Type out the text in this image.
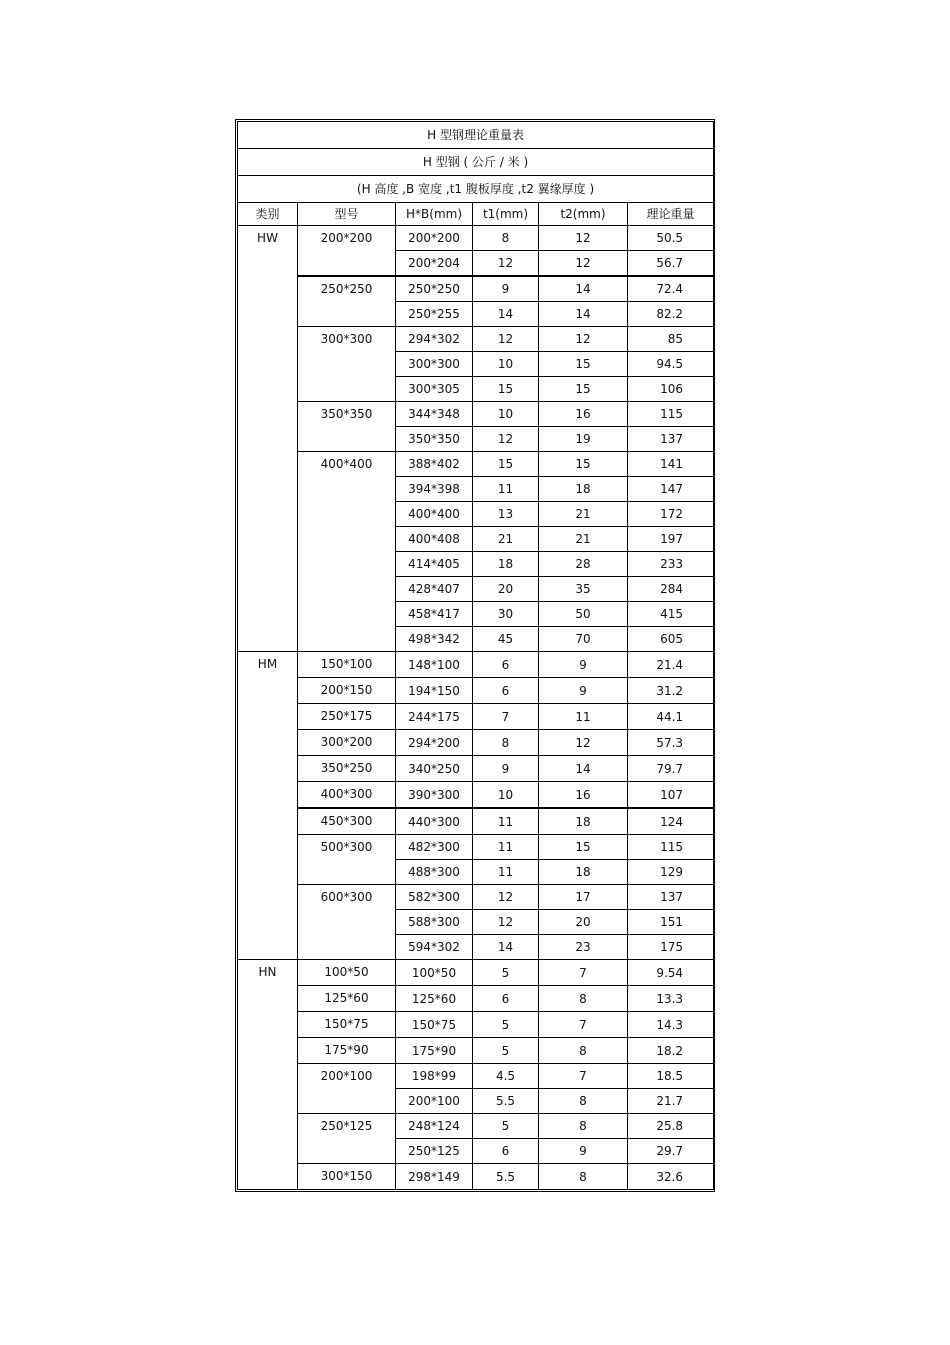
H 型钢理论重量表					
H 型钢 ( 公斤 / 米 )					
(H 高度 ,B 宽度 ,t1 腹板厚度 ,t2 翼缘厚度 )					
类别	型号	H*B(mm)	t1(mm)	t2(mm)	理论重量
HW	200*200	200*200	8	12	50.5
		200*204	12	12	56.7
	250*250	250*250	9	14	72.4
		250*255	14	14	82.2
	300*300	294*302	12	12	85
		300*300	10	15	94.5
		300*305	15	15	106
	350*350	344*348	10	16	115
		350*350	12	19	137
	400*400	388*402	15	15	141
		394*398	11	18	147
		400*400	13	21	172
		400*408	21	21	197
		414*405	18	28	233
		428*407	20	35	284
		458*417	30	50	415
		498*342	45	70	605
HM	150*100	148*100	6	9	21.4
	200*150	194*150	6	9	31.2
	250*175	244*175	7	11	44.1
	300*200	294*200	8	12	57.3
	350*250	340*250	9	14	79.7
	400*300	390*300	10	16	107
	450*300	440*300	11	18	124
	500*300	482*300	11	15	115
		488*300	11	18	129
	600*300	582*300	12	17	137
		588*300	12	20	151
		594*302	14	23	175
HN	100*50	100*50	5	7	9.54
	125*60	125*60	6	8	13.3
	150*75	150*75	5	7	14.3
	175*90	175*90	5	8	18.2
	200*100	198*99	4.5	7	18.5
		200*100	5.5	8	21.7
	250*125	248*124	5	8	25.8
		250*125	6	9	29.7
	300*150	298*149	5.5	8	32.6
